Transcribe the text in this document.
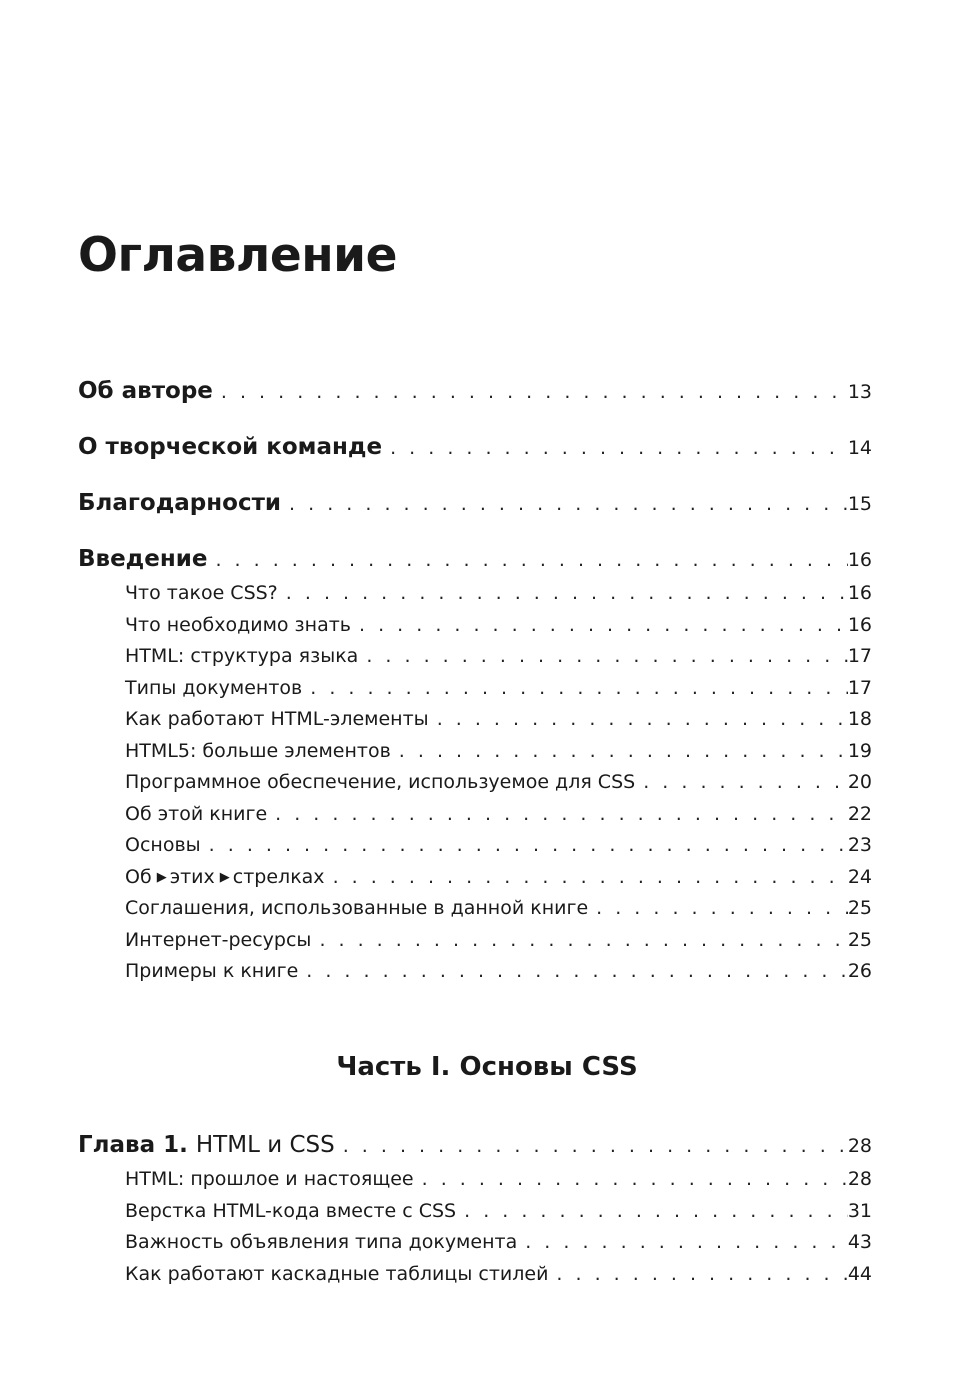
Оглавление
Об авторе . . .	13
О творческой команде . . .	14
Благодарности . . .	15
Введение . . .	16
Что такое CSS? . . .	16
Что необходимо знать . . .	16
HTML: структура языка . . .	17
Типы документов . . .	17
Как работают HTML-элементы . . .	18
HTML5: больше элементов . . .	19
Программное обеспечение, используемое для CSS . . .	20
Об этой книге . . .	22
Основы . . .	23
Об ▶ этих ▶ стрелках . . .	24
Соглашения, использованные в данной книге . . .	25
Интернет-ресурсы . . .	25
Примеры к книге . . .	26
Часть I. Основы CSS
Глава 1. HTML и CSS . . .	28
HTML: прошлое и настоящее . . .	28
Верстка HTML-кода вместе с CSS . . .	31
Важность объявления типа документа . . .	43
Как работают каскадные таблицы стилей . . .	44
